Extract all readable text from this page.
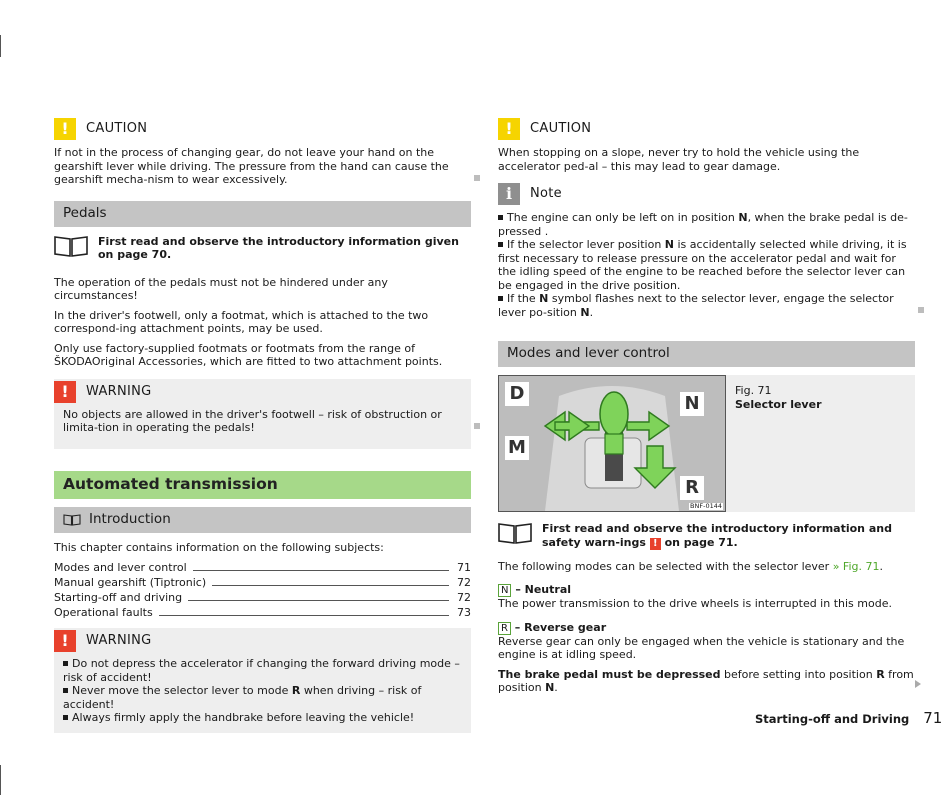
!	CAUTION

If not in the process of changing gear, do not leave your hand on the gearshift lever while driving. The pressure from the hand can cause the gearshift mecha-nism to wear excessively.

Pedals
First read and observe the introductory information given on page 70.

The operation of the pedals must not be hindered under any circumstances!

In the driver's footwell, only a footmat, which is attached to the two correspond-ing attachment points, may be used.

Only use factory-supplied footmats or footmats from the range of ŠKODAOriginal Accessories, which are fitted to two attachment points.

!	WARNING

No objects are allowed in the driver's footwell – risk of obstruction or limita-tion in operating the pedals!

Automated transmission
Introduction

This chapter contains information on the following subjects:

Modes and lever control	71
Manual gearshift (Tiptronic)	72
Starting-off and driving	72
Operational faults	73
!	WARNING

Do not depress the accelerator if changing the forward driving mode – risk of accident!

Never move the selector lever to mode R when driving – risk of accident!

Always firmly apply the handbrake before leaving the vehicle!

!	CAUTION

When stopping on a slope, never try to hold the vehicle using the accelerator ped-al – this may lead to gear damage.

i	Note

The engine can only be left on in position N, when the brake pedal is de-pressed .

If the selector lever position N is accidentally selected while driving, it is first necessary to release pressure on the accelerator pedal and wait for the idling speed of the engine to be reached before the selector lever can be engaged in the drive position.

If the N symbol flashes next to the selector lever, engage the selector lever po-sition N.

Modes and lever control
D	N
M
R
BNF-0144
Fig. 71
Selector lever
First read and observe the introductory information and safety warn-ings ! on page 71.

The following modes can be selected with the selector lever » Fig. 71.

N – Neutral
The power transmission to the drive wheels is interrupted in this mode.

R – Reverse gear
Reverse gear can only be engaged when the vehicle is stationary and the engine is at idling speed.

The brake pedal must be depressed before setting into position R from position N.

Starting-off and Driving 71
